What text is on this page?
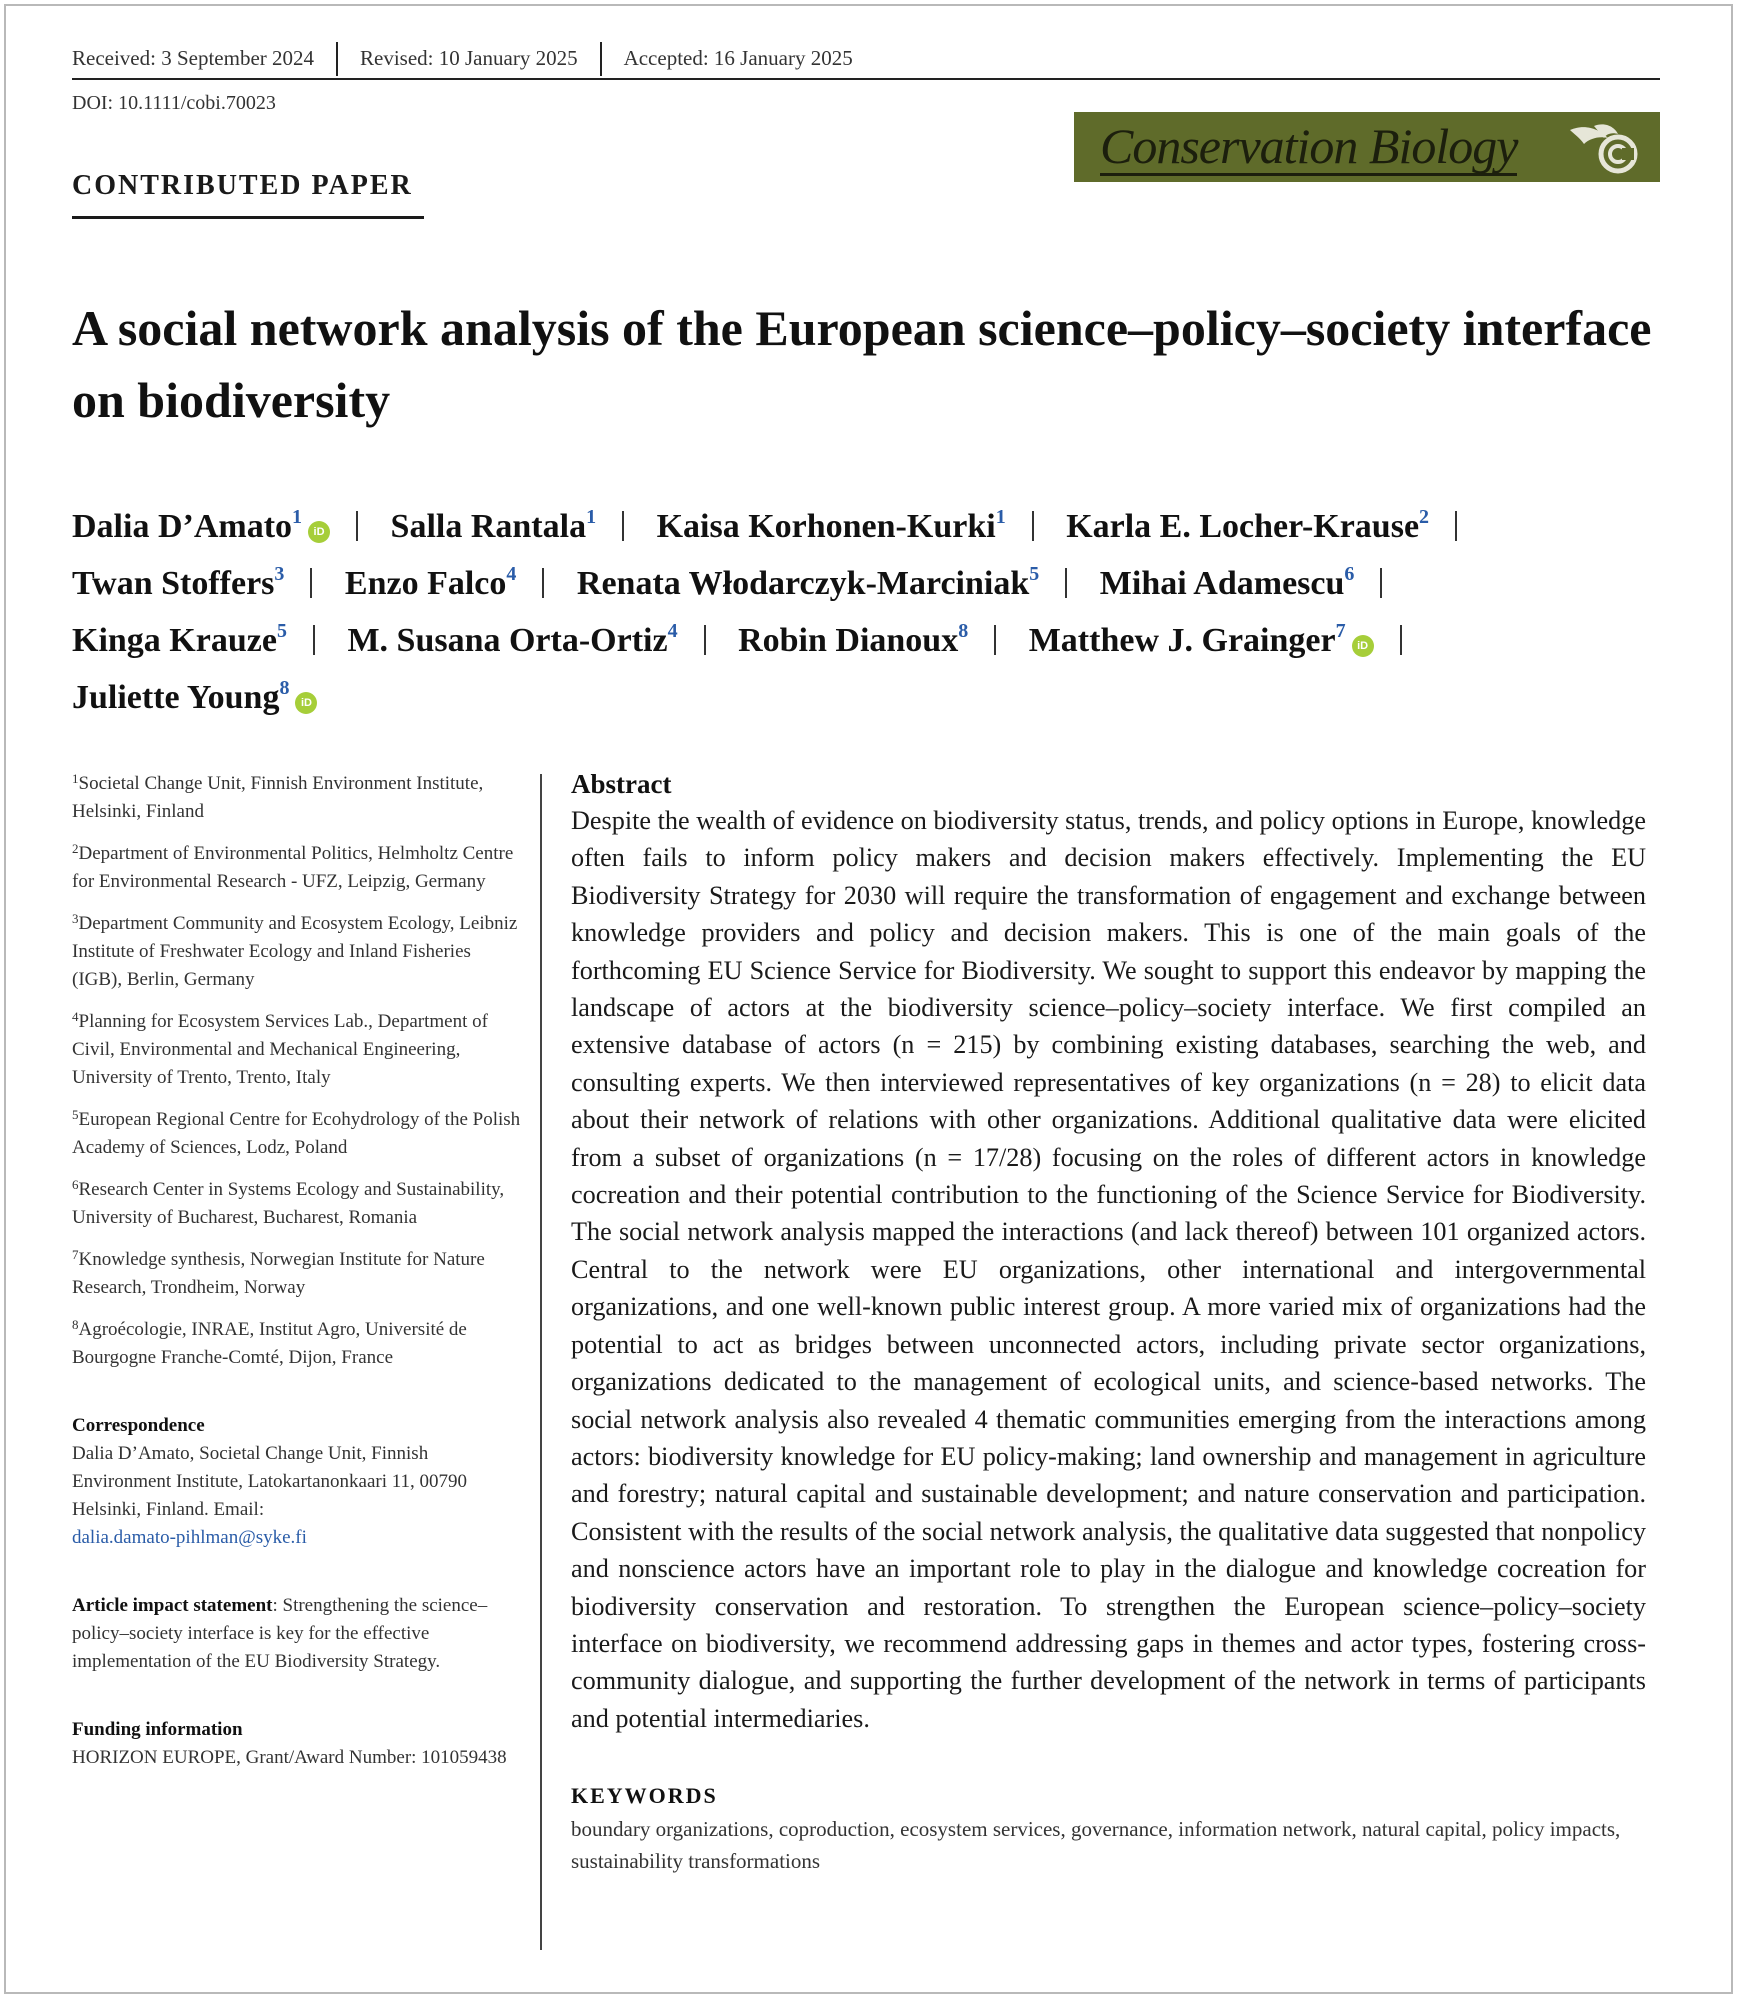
Received: 3 September 2024	Revised: 10 January 2025	Accepted: 16 January 2025
DOI: 10.1111/cobi.70023
CONTRIBUTED PAPER
Conservation Biology
A social network analysis of the European science–policy–society interface on biodiversity
Dalia D’Amato$^1$iD Salla Rantala$^1$ Kaisa Korhonen-Kurki$^1$ Karla E. Locher-Krause$^2$
Twan Stoffers$^3$ Enzo Falco$^4$ Renata Włodarczyk-Marciniak$^5$ Mihai Adamescu$^6$
Kinga Krauze$^5$ M. Susana Orta-Ortiz$^4$ Robin Dianoux$^8$ Matthew J. Grainger$^7$iD
Juliette Young$^8$iD
$^1$Societal Change Unit, Finnish Environment Institute, Helsinki, Finland
$^2$Department of Environmental Politics, Helmholtz Centre for Environmental Research - UFZ, Leipzig, Germany
$^3$Department Community and Ecosystem Ecology, Leibniz Institute of Freshwater Ecology and Inland Fisheries (IGB), Berlin, Germany
$^4$Planning for Ecosystem Services Lab., Department of Civil, Environmental and Mechanical Engineering, University of Trento, Trento, Italy
$^5$European Regional Centre for Ecohydrology of the Polish Academy of Sciences, Lodz, Poland
$^6$Research Center in Systems Ecology and Sustainability, University of Bucharest, Bucharest, Romania
$^7$Knowledge synthesis, Norwegian Institute for Nature Research, Trondheim, Norway
$^8$Agroécologie, INRAE, Institut Agro, Université de Bourgogne Franche-Comté, Dijon, France
Correspondence
Dalia D’Amato, Societal Change Unit, Finnish Environment Institute, Latokartanonkaari 11, 00790 Helsinki, Finland. Email:
dalia.damato-pihlman@syke.fi
Article impact statement: Strengthening the science–policy–society interface is key for the effective implementation of the EU Biodiversity Strategy.
Funding information
HORIZON EUROPE, Grant/Award Number: 101059438
Abstract
Despite the wealth of evidence on biodiversity status, trends, and policy options in Europe, knowledge often fails to inform policy makers and decision makers effectively. Implementing the EU Biodiversity Strategy for 2030 will require the transformation of engagement and exchange between knowledge providers and policy and decision makers. This is one of the main goals of the forthcoming EU Science Service for Biodiversity. We sought to support this endeavor by mapping the landscape of actors at the biodiversity science–policy–society interface. We first compiled an extensive database of actors (n = 215) by combining existing databases, searching the web, and consulting experts. We then interviewed representatives of key organizations (n = 28) to elicit data about their network of relations with other organizations. Additional qualitative data were elicited from a subset of organizations (n = 17/28) focusing on the roles of different actors in knowledge cocreation and their potential contribution to the functioning of the Science Service for Biodiversity. The social network analysis mapped the interactions (and lack thereof) between 101 organized actors. Central to the network were EU organizations, other international and intergovernmental organizations, and one well-known public interest group. A more varied mix of organizations had the potential to act as bridges between unconnected actors, including private sector organizations, organizations dedicated to the management of ecological units, and science-based networks. The social network analysis also revealed 4 thematic communities emerging from the interactions among actors: biodiversity knowledge for EU policy-making; land ownership and management in agriculture and forestry; natural capital and sustainable development; and nature conservation and participation. Consistent with the results of the social network analysis, the qualitative data suggested that nonpolicy and nonscience actors have an important role to play in the dialogue and knowledge cocreation for biodiversity conservation and restoration. To strengthen the European science–policy–society interface on biodiversity, we recommend addressing gaps in themes and actor types, fostering cross-community dialogue, and supporting the further development of the network in terms of participants and potential intermediaries.
KEYWORDS
boundary organizations, coproduction, ecosystem services, governance, information network, natural capital, policy impacts, sustainability transformations
